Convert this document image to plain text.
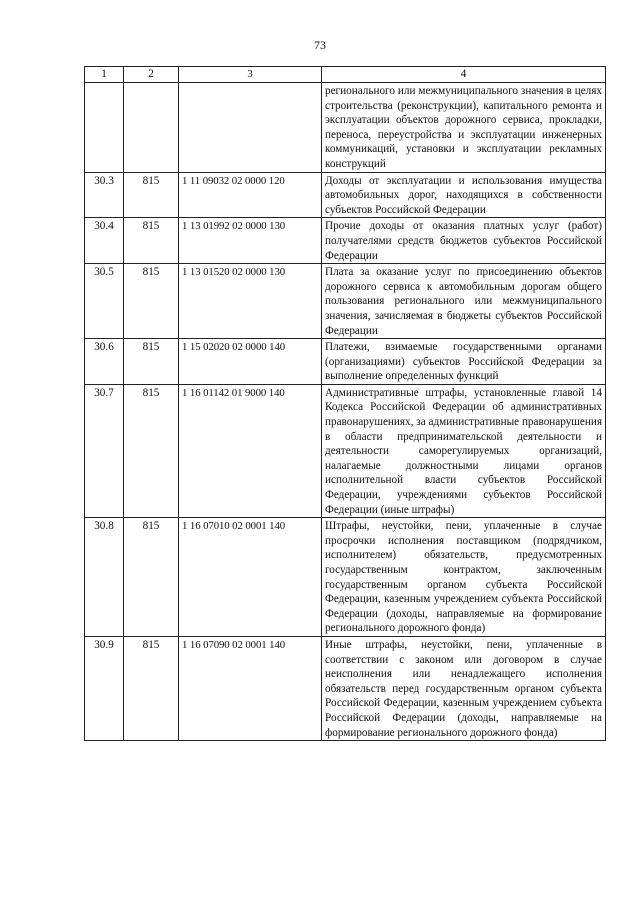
73
1	2	3	4

			регионального или межмуниципального значения в целях строительства (реконструкции), капитального ремонта и эксплуатации объектов дорожного сервиса, прокладки, переноса, переустройства и эксплуатации инженерных коммуникаций, установки и эксплуатации рекламных конструкций

30.3	815	1 11 09032 02 0000 120	Доходы от эксплуатации и использования имущества автомобильных дорог, находящихся в собственности субъектов Российской Федерации

30.4	815	1 13 01992 02 0000 130	Прочие доходы от оказания платных услуг (работ) получателями средств бюджетов субъектов Российской Федерации

30.5	815	1 13 01520 02 0000 130	Плата за оказание услуг по присоединению объектов дорожного сервиса к автомобильным дорогам общего пользования регионального или межмуниципального значения, зачисляемая в бюджеты субъектов Российской Федерации

30.6	815	1 15 02020 02 0000 140	Платежи, взимаемые государственными органами (организациями) субъектов Российской Федерации за выполнение определенных функций

30.7	815	1 16 01142 01 9000 140	Административные штрафы, установленные главой 14 Кодекса Российской Федерации об административных правонарушениях, за административные правонарушения в области предпринимательской деятельности и деятельности саморегулируемых организаций, налагаемые должностными лицами органов исполнительной власти субъектов Российской Федерации, учреждениями субъектов Российской Федерации (иные штрафы)

30.8	815	1 16 07010 02 0001 140	Штрафы, неустойки, пени, уплаченные в случае просрочки исполнения поставщиком (подрядчиком, исполнителем) обязательств, предусмотренных государственным контрактом, заключенным государственным органом субъекта Российской Федерации, казенным учреждением субъекта Российской Федерации (доходы, направляемые на формирование регионального дорожного фонда)

30.9	815	1 16 07090 02 0001 140	Иные штрафы, неустойки, пени, уплаченные в соответствии с законом или договором в случае неисполнения или ненадлежащего исполнения обязательств перед государственным органом субъекта Российской Федерации, казенным учреждением субъекта Российской Федерации (доходы, направляемые на формирование регионального дорожного фонда)
